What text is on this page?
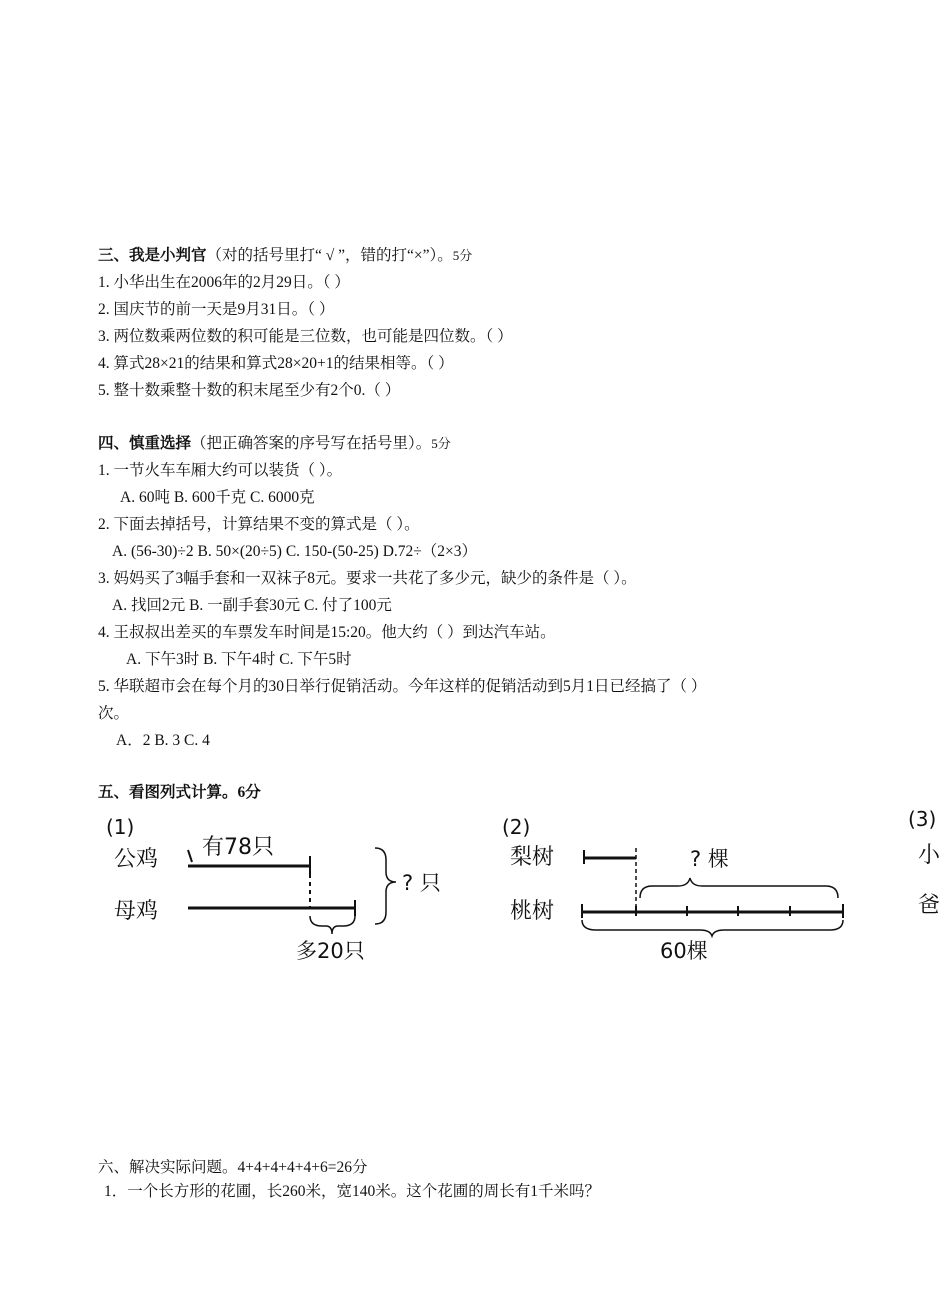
三、我是小判官（对的括号里打“ √ ”，错的打“×”）。5分
1. 小华出生在2006年的2月29日。（ ）
2. 国庆节的前一天是9月31日。（ ）
3. 两位数乘两位数的积可能是三位数，也可能是四位数。（ ）
4. 算式28×21的结果和算式28×20+1的结果相等。（ ）
5. 整十数乘整十数的积末尾至少有2个0.（ ）
四、慎重选择（把正确答案的序号写在括号里）。5分
1. 一节火车车厢大约可以装货（ ）。
A. 60吨 B. 600千克 C. 6000克
2. 下面去掉括号，计算结果不变的算式是（ ）。
A. (56-30)÷2 B. 50×(20÷5) C. 150-(50-25) D.72÷（2×3）
3. 妈妈买了3幅手套和一双袜子8元。要求一共花了多少元，缺少的条件是（ ）。
A. 找回2元 B. 一副手套30元 C. 付了100元
4. 王叔叔出差买的车票发车时间是15:20。他大约（ ）到达汽车站。
A. 下午3时 B. 下午4时 C. 下午5时
5. 华联超市会在每个月的30日举行促销活动。今年这样的促销活动到5月1日已经搞了（ ）
次。
A．2 B. 3 C. 4
五、看图列式计算。6分
(1)
公鸡
母鸡
有78只
多20只
? 只
(2)
梨树
桃树
? 棵
60棵
(3)
小
爸
六、解决实际问题。4+4+4+4+4+6=26分
1．一个长方形的花圃，长260米，宽140米。这个花圃的周长有1千米吗？
